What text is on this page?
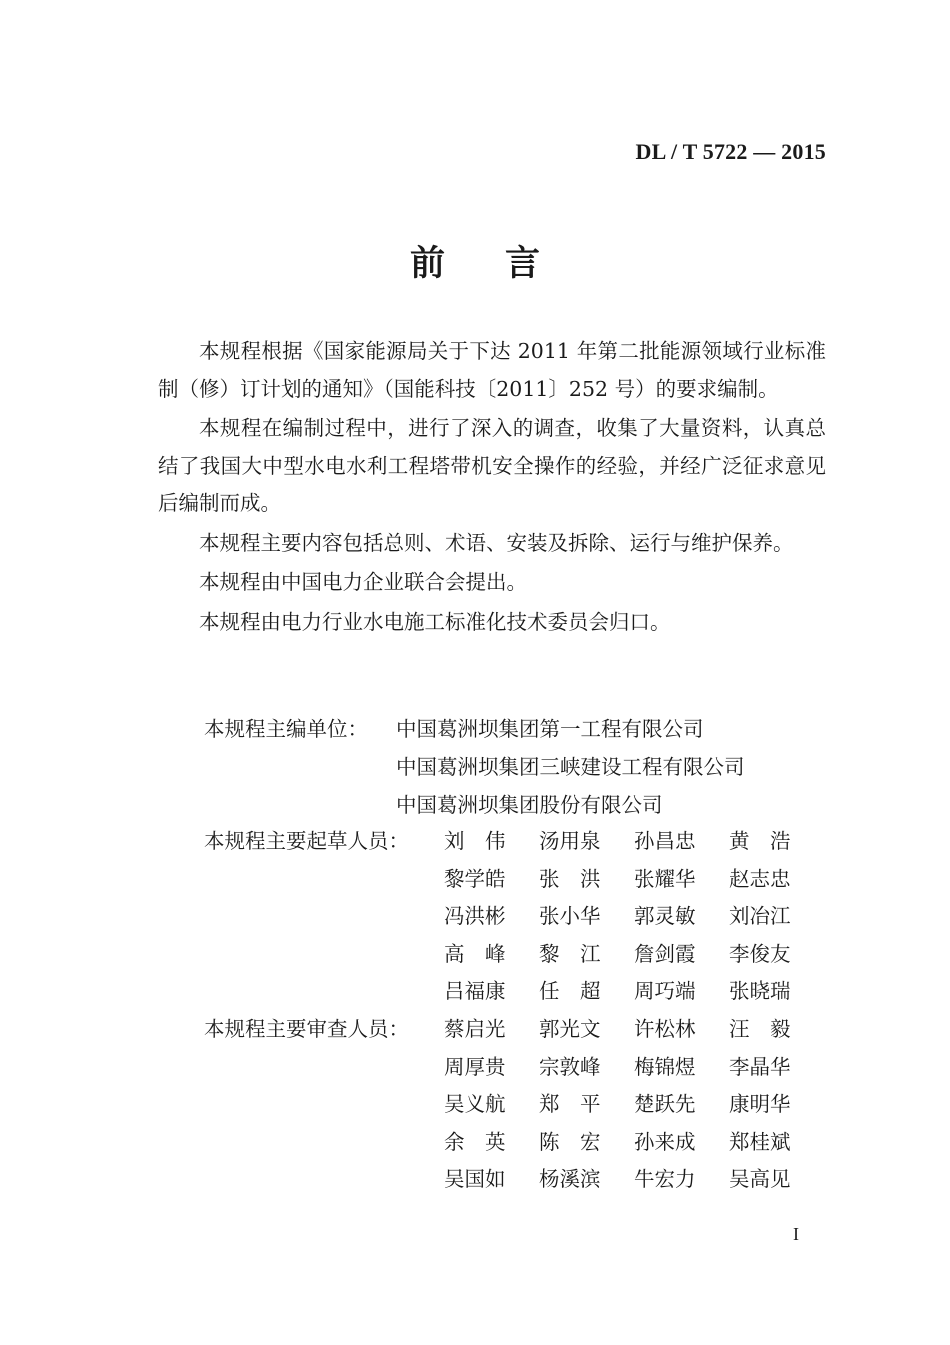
DL / T 5722 — 2015
前言

本规程根据《国家能源局关于下达 2011 年第二批能源领域行业标准制（修）订计划的通知》（国能科技〔2011〕252 号）的要求编制。

本规程在编制过程中，进行了深入的调查，收集了大量资料，认真总结了我国大中型水电水利工程塔带机安全操作的经验，并经广泛征求意见后编制而成。

本规程主要内容包括总则、术语、安装及拆除、运行与维护保养。

本规程由中国电力企业联合会提出。

本规程由电力行业水电施工标准化技术委员会归口。

本规程主编单位：	中国葛洲坝集团第一工程有限公司
中国葛洲坝集团三峡建设工程有限公司
中国葛洲坝集团股份有限公司
本规程主要起草人员：	刘　伟	汤用泉	孙昌忠	黄　浩
黎学皓	张　洪	张耀华	赵志忠
冯洪彬	张小华	郭灵敏	刘冶江
高　峰	黎　江	詹剑霞	李俊友
吕福康	任　超	周巧端	张晓瑞
本规程主要审查人员：	蔡启光	郭光文	许松林	汪　毅
周厚贵	宗敦峰	梅锦煜	李晶华
吴义航	郑　平	楚跃先	康明华
余　英	陈　宏	孙来成	郑桂斌
吴国如	杨溪滨	牛宏力	吴高见
I
